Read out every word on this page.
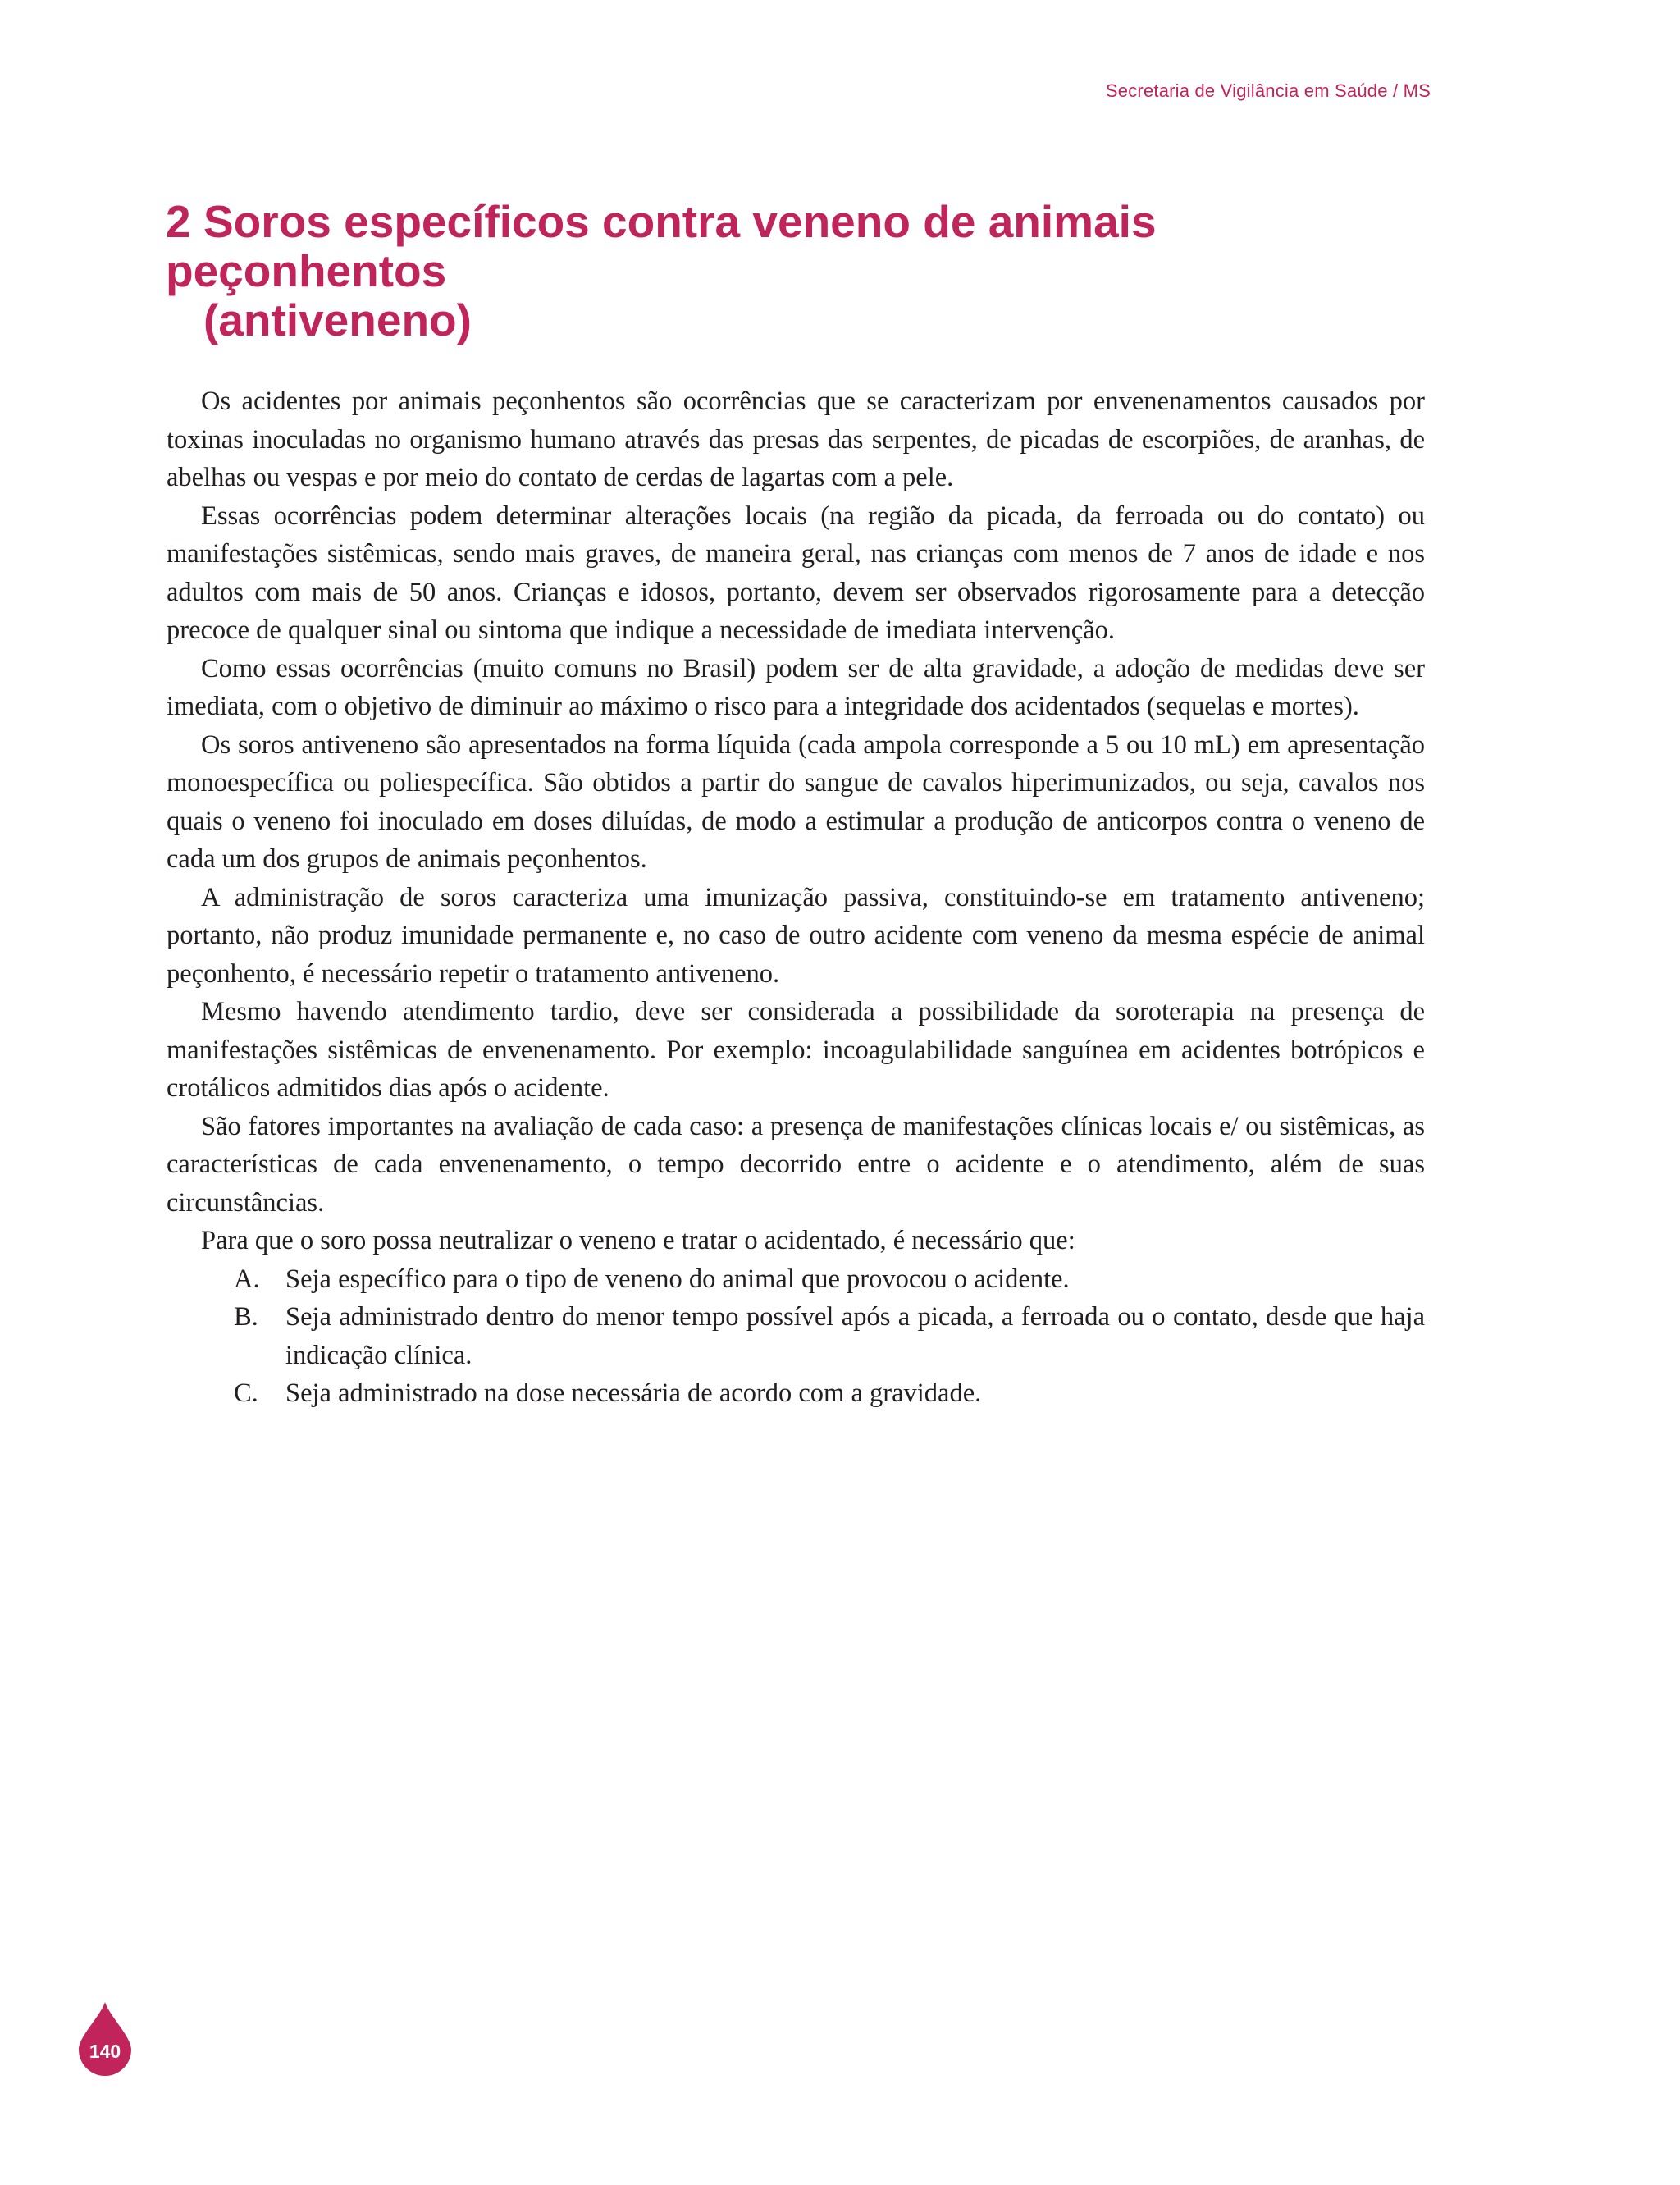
Secretaria de Vigilância em Saúde / MS
2 Soros específicos contra veneno de animais peçonhentos
(antiveneno)

Os acidentes por animais peçonhentos são ocorrências que se caracterizam por envenenamentos causados por toxinas inoculadas no organismo humano através das presas das serpentes, de picadas de escorpiões, de aranhas, de abelhas ou vespas e por meio do contato de cerdas de lagartas com a pele.

Essas ocorrências podem determinar alterações locais (na região da picada, da ferroada ou do contato) ou manifestações sistêmicas, sendo mais graves, de maneira geral, nas crianças com menos de 7 anos de idade e nos adultos com mais de 50 anos. Crianças e idosos, portanto, devem ser observados rigorosamente para a detecção precoce de qualquer sinal ou sintoma que indique a necessidade de imediata intervenção.

Como essas ocorrências (muito comuns no Brasil) podem ser de alta gravidade, a adoção de medidas deve ser imediata, com o objetivo de diminuir ao máximo o risco para a integridade dos acidentados (sequelas e mortes).

Os soros antiveneno são apresentados na forma líquida (cada ampola corresponde a 5 ou 10 mL) em apresentação monoespecífica ou poliespecífica. São obtidos a partir do sangue de cavalos hiperimunizados, ou seja, cavalos nos quais o veneno foi inoculado em doses diluídas, de modo a estimular a produção de anticorpos contra o veneno de cada um dos grupos de animais peçonhentos.

A administração de soros caracteriza uma imunização passiva, constituindo-se em tratamento antiveneno; portanto, não produz imunidade permanente e, no caso de outro acidente com veneno da mesma espécie de animal peçonhento, é necessário repetir o tratamento antiveneno.

Mesmo havendo atendimento tardio, deve ser considerada a possibilidade da soroterapia na presença de manifestações sistêmicas de envenenamento. Por exemplo: incoagulabilidade sanguínea em acidentes botrópicos e crotálicos admitidos dias após o acidente.

São fatores importantes na avaliação de cada caso: a presença de manifestações clínicas locais e/ ou sistêmicas, as características de cada envenenamento, o tempo decorrido entre o acidente e o atendimento, além de suas circunstâncias.

Para que o soro possa neutralizar o veneno e tratar o acidentado, é necessário que:

A. Seja específico para o tipo de veneno do animal que provocou o acidente.
B. Seja administrado dentro do menor tempo possível após a picada, a ferroada ou o contato, desde que haja indicação clínica.
C. Seja administrado na dose necessária de acordo com a gravidade.
140
